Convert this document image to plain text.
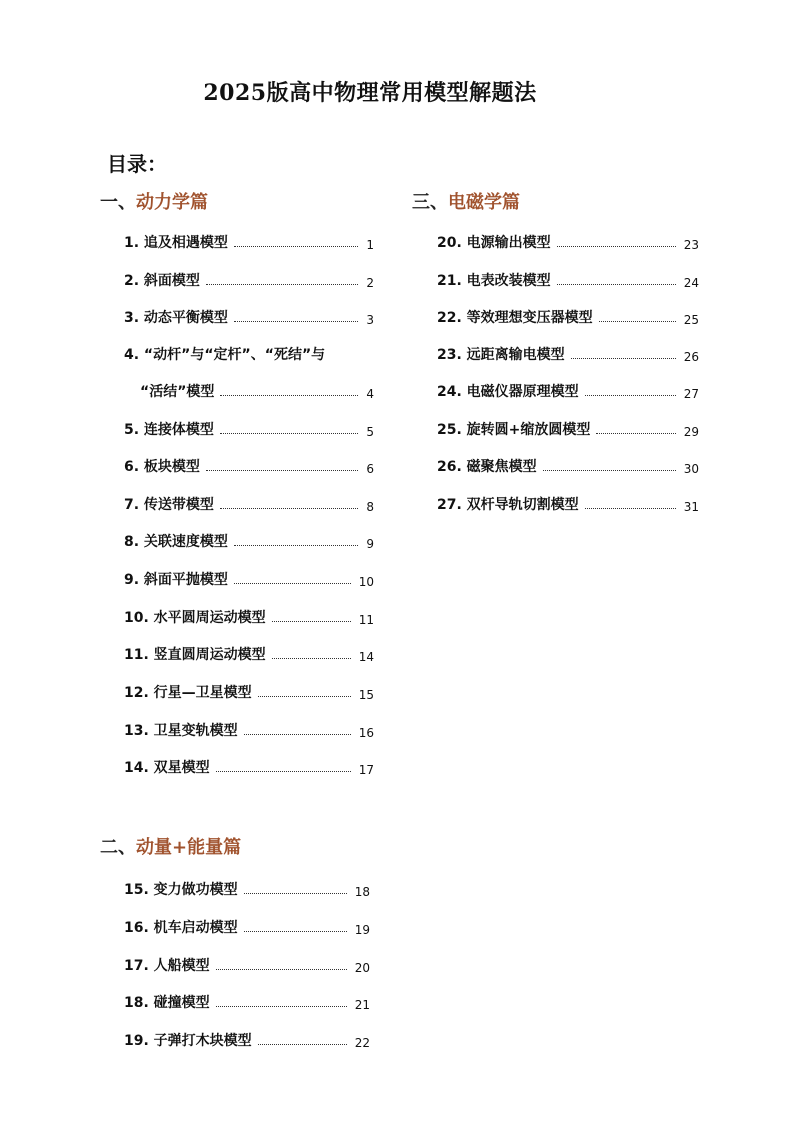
2025版高中物理常用模型解题法
目录：
一、动力学篇
二、动量+能量篇
三、电磁学篇
1. 追及相遇模型	1
2. 斜面模型	2
3. 动态平衡模型	3
4. “动杆”与“定杆”、“死结”与
“活结”模型	4
5. 连接体模型	5
6. 板块模型	6
7. 传送带模型	8
8. 关联速度模型	9
9. 斜面平抛模型	10
10. 水平圆周运动模型	11
11. 竖直圆周运动模型	14
12. 行星—卫星模型	15
13. 卫星变轨模型	16
14. 双星模型	17
15. 变力做功模型	18
16. 机车启动模型	19
17. 人船模型	20
18. 碰撞模型	21
19. 子弹打木块模型	22
20. 电源输出模型	23
21. 电表改装模型	24
22. 等效理想变压器模型	25
23. 远距离输电模型	26
24. 电磁仪器原理模型	27
25. 旋转圆+缩放圆模型	29
26. 磁聚焦模型	30
27. 双杆导轨切割模型	31
